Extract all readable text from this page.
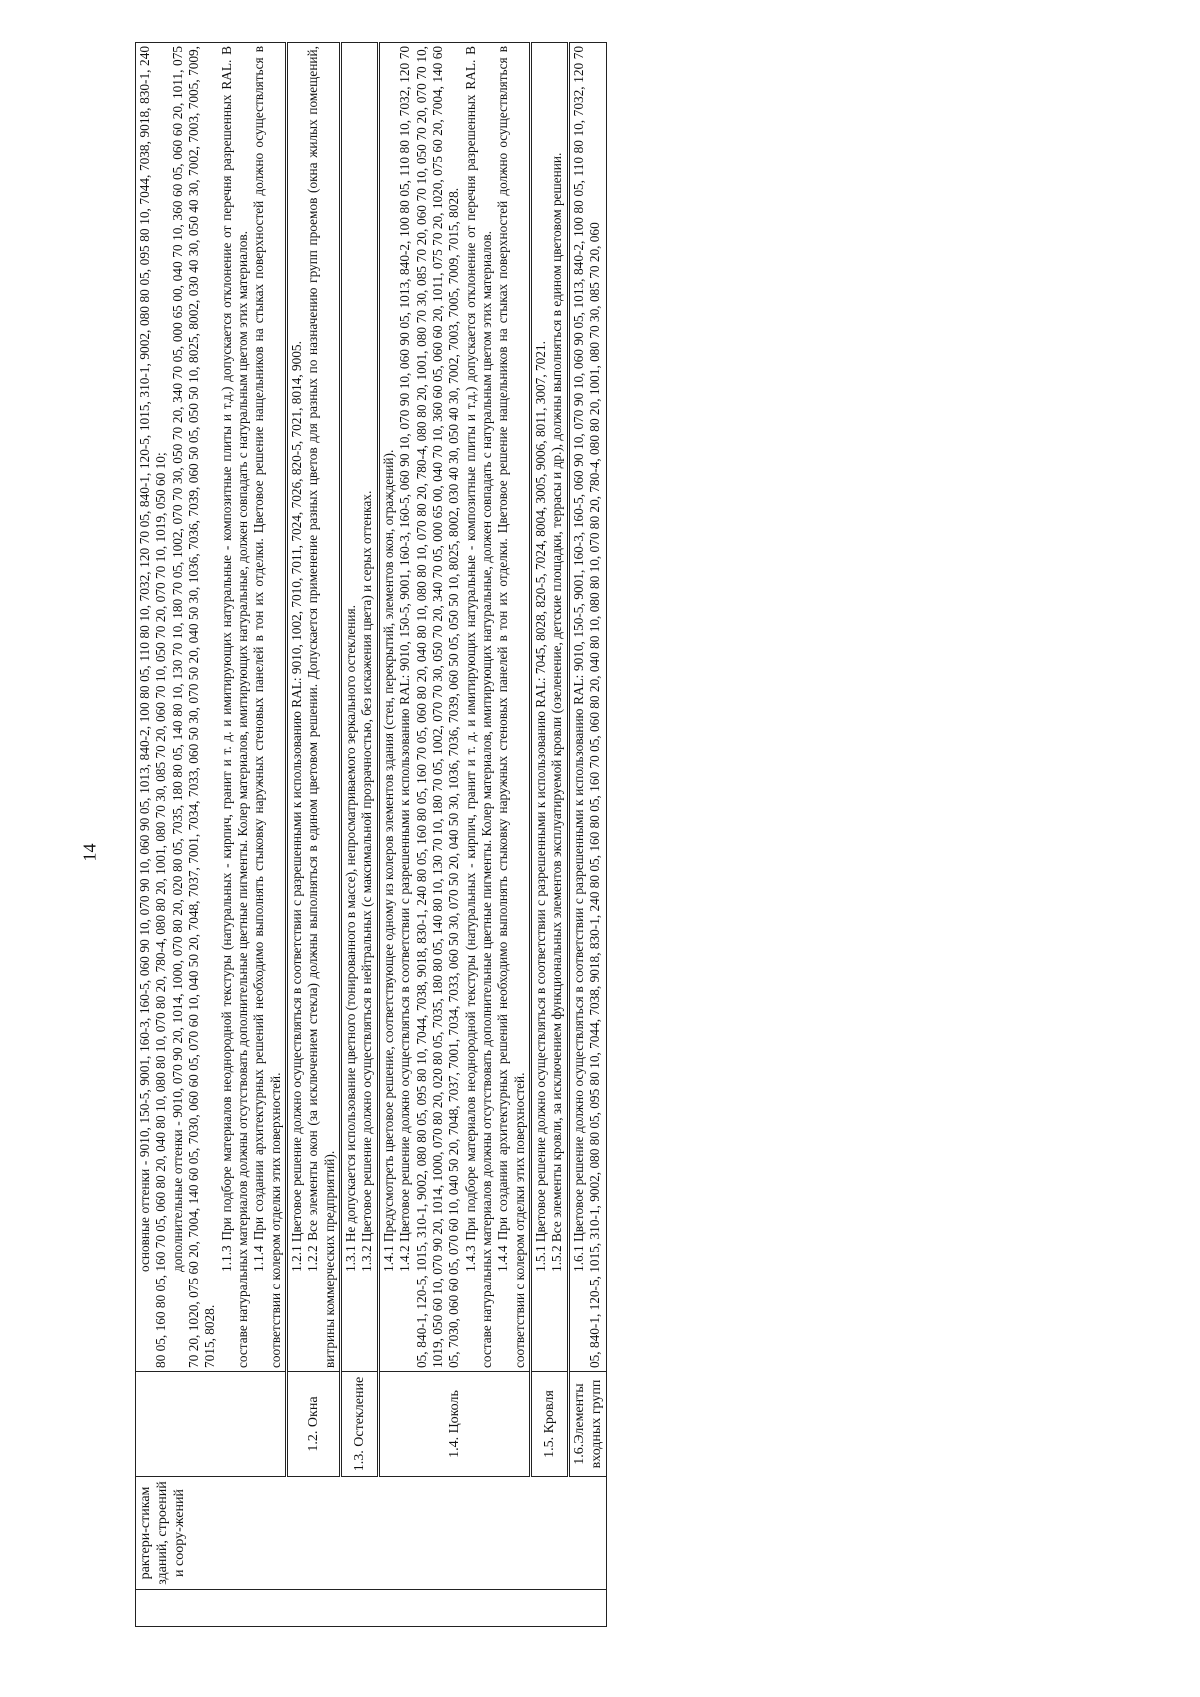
14
	рактери-стикам зданий, строений и соору-жений		основные оттенки - 9010, 150-5, 9001, 160-3, 160-5, 060 90 10, 070 90 10, 060 90 05, 1013, 840-2, 100 80 05, 110 80 10, 7032, 120 70 05, 840-1, 120-5, 1015, 310-1, 9002, 080 80 05, 095 80 10, 7044, 7038, 9018, 830-1, 240 80 05, 160 80 05, 160 70 05, 060 80 20, 040 80 10, 080 80 10, 070 80 20, 780-4, 080 80 20, 1001, 080 70 30, 085 70 20, 060 70 10, 050 70 20, 070 70 10, 1019, 050 60 10; дополнительные оттенки - 9010, 070 90 20, 1014, 1000, 070 80 20, 020 80 05, 7035, 180 80 05, 140 80 10, 130 70 10, 180 70 05, 1002, 070 70 30, 050 70 20, 340 70 05, 000 65 00, 040 70 10, 360 60 05, 060 60 20, 1011, 075 70 20, 1020, 075 60 20, 7004, 140 60 05, 7030, 060 60 05, 070 60 10, 040 50 20, 7048, 7037, 7001, 7034, 7033, 060 50 30, 070 50 20, 040 50 30, 1036, 7036, 7039, 060 50 05, 050 50 10, 8025, 8002, 030 40 30, 050 40 30, 7002, 7003, 7005, 7009, 7015, 8028.
1.1.3 При подборе материалов неоднородной текстуры (натуральных - кирпич, гранит и т. д. и имитирующих натуральные - композитные плиты и т.д.) допускается отклонение от перечня разрешенных RAL. В составе натуральных материалов должны отсутствовать дополнительные цветные пигменты. Колер материалов, имитирующих натуральные, должен совпадать с натуральным цветом этих материалов. 1.1.4 При создании архитектурных решений необходимо выполнять стыковку наружных стеновых панелей в тон их отделки. Цветовое решение нащельников на стыках поверхностей должно осуществляться в соответствии с колером отделки этих поверхностей.

		1.2. Окна	1.2.1 Цветовое решение должно осуществляться в соответствии с разрешенными к использованию RAL: 9010, 1002, 7010, 7011, 7024, 7026, 820-5, 7021, 8014, 9005. 1.2.2 Все элементы окон (за исключением стекла) должны выполняться в едином цветовом решении. Допускается применение разных цветов для разных по назначению групп проемов (окна жилых помещений, витрины коммерческих предприятий).

		1.3. Остекление	1.3.1 Не допускается использование цветного (тонированного в массе), непросматриваемого зеркального остекления. 1.3.2 Цветовое решение должно осуществляться в нейтральных (с максимальной прозрачностью, без искажения цвета) и серых оттенках.

		1.4. Цоколь	1.4.1 Предусмотреть цветовое решение, соответствующее одному из колеров элементов здания (стен, перекрытий, элементов окон, ограждений). 1.4.2 Цветовое решение должно осуществляться в соответствии с разрешенными к использованию RAL: 9010, 150-5, 9001, 160-3, 160-5, 060 90 10, 070 90 10, 060 90 05, 1013, 840-2, 100 80 05, 110 80 10, 7032, 120 70 05, 840-1, 120-5, 1015, 310-1, 9002, 080 80 05, 095 80 10, 7044, 7038, 9018, 830-1, 240 80 05, 160 80 05, 160 70 05, 060 80 20, 040 80 10, 080 80 10, 070 80 20, 780-4, 080 80 20, 1001, 080 70 30, 085 70 20, 060 70 10, 050 70 20, 070 70 10, 1019, 050 60 10, 070 90 20, 1014, 1000, 070 80 20, 020 80 05, 7035, 180 80 05, 140 80 10, 130 70 10, 180 70 05, 1002, 070 70 30, 050 70 20, 340 70 05, 000 65 00, 040 70 10, 360 60 05, 060 60 20, 1011, 075 70 20, 1020, 075 60 20, 7004, 140 60 05, 7030, 060 60 05, 070 60 10, 040 50 20, 7048, 7037, 7001, 7034, 7033, 060 50 30, 070 50 20, 040 50 30, 1036, 7036, 7039, 060 50 05, 050 50 10, 8025, 8002, 030 40 30, 050 40 30, 7002, 7003, 7005, 7009, 7015, 8028. 1.4.3 При подборе материалов неоднородной текстуры (натуральных - кирпич, гранит и т. д. и имитирующих натуральные - композитные плиты и т.д.) допускается отклонение от перечня разрешенных RAL. В составе натуральных материалов должны отсутствовать дополнительные цветные пигменты. Колер материалов, имитирующих натуральные, должен совпадать с натуральным цветом этих материалов. 1.4.4 При создании архитектурных решений необходимо выполнять стыковку наружных стеновых панелей в тон их отделки. Цветовое решение нащельников на стыках поверхностей должно осуществляться в соответствии с колером отделки этих поверхностей.

		1.5. Кровля	1.5.1 Цветовое решение должно осуществляться в соответствии с разрешенными к использованию RAL: 7045, 8028, 820-5, 7024, 8004, 3005, 9006, 8011, 3007, 7021. 1.5.2 Все элементы кровли, за исключением функциональных элементов эксплуатируемой кровли (озеленение, детские площадки, террасы и др.), должны выполняться в едином цветовом решении.

		1.6.Элементы входных групп	1.6.1 Цветовое решение должно осуществляться в соответствии с разрешенными к использованию RAL: 9010, 150-5, 9001, 160-3, 160-5, 060 90 10, 070 90 10, 060 90 05, 1013, 840-2, 100 80 05, 110 80 10, 7032, 120 70 05, 840-1, 120-5, 1015, 310-1, 9002, 080 80 05, 095 80 10, 7044, 7038, 9018, 830-1, 240 80 05, 160 80 05, 160 70 05, 060 80 20, 040 80 10, 080 80 10, 070 80 20, 780-4, 080 80 20, 1001, 080 70 30, 085 70 20, 060
